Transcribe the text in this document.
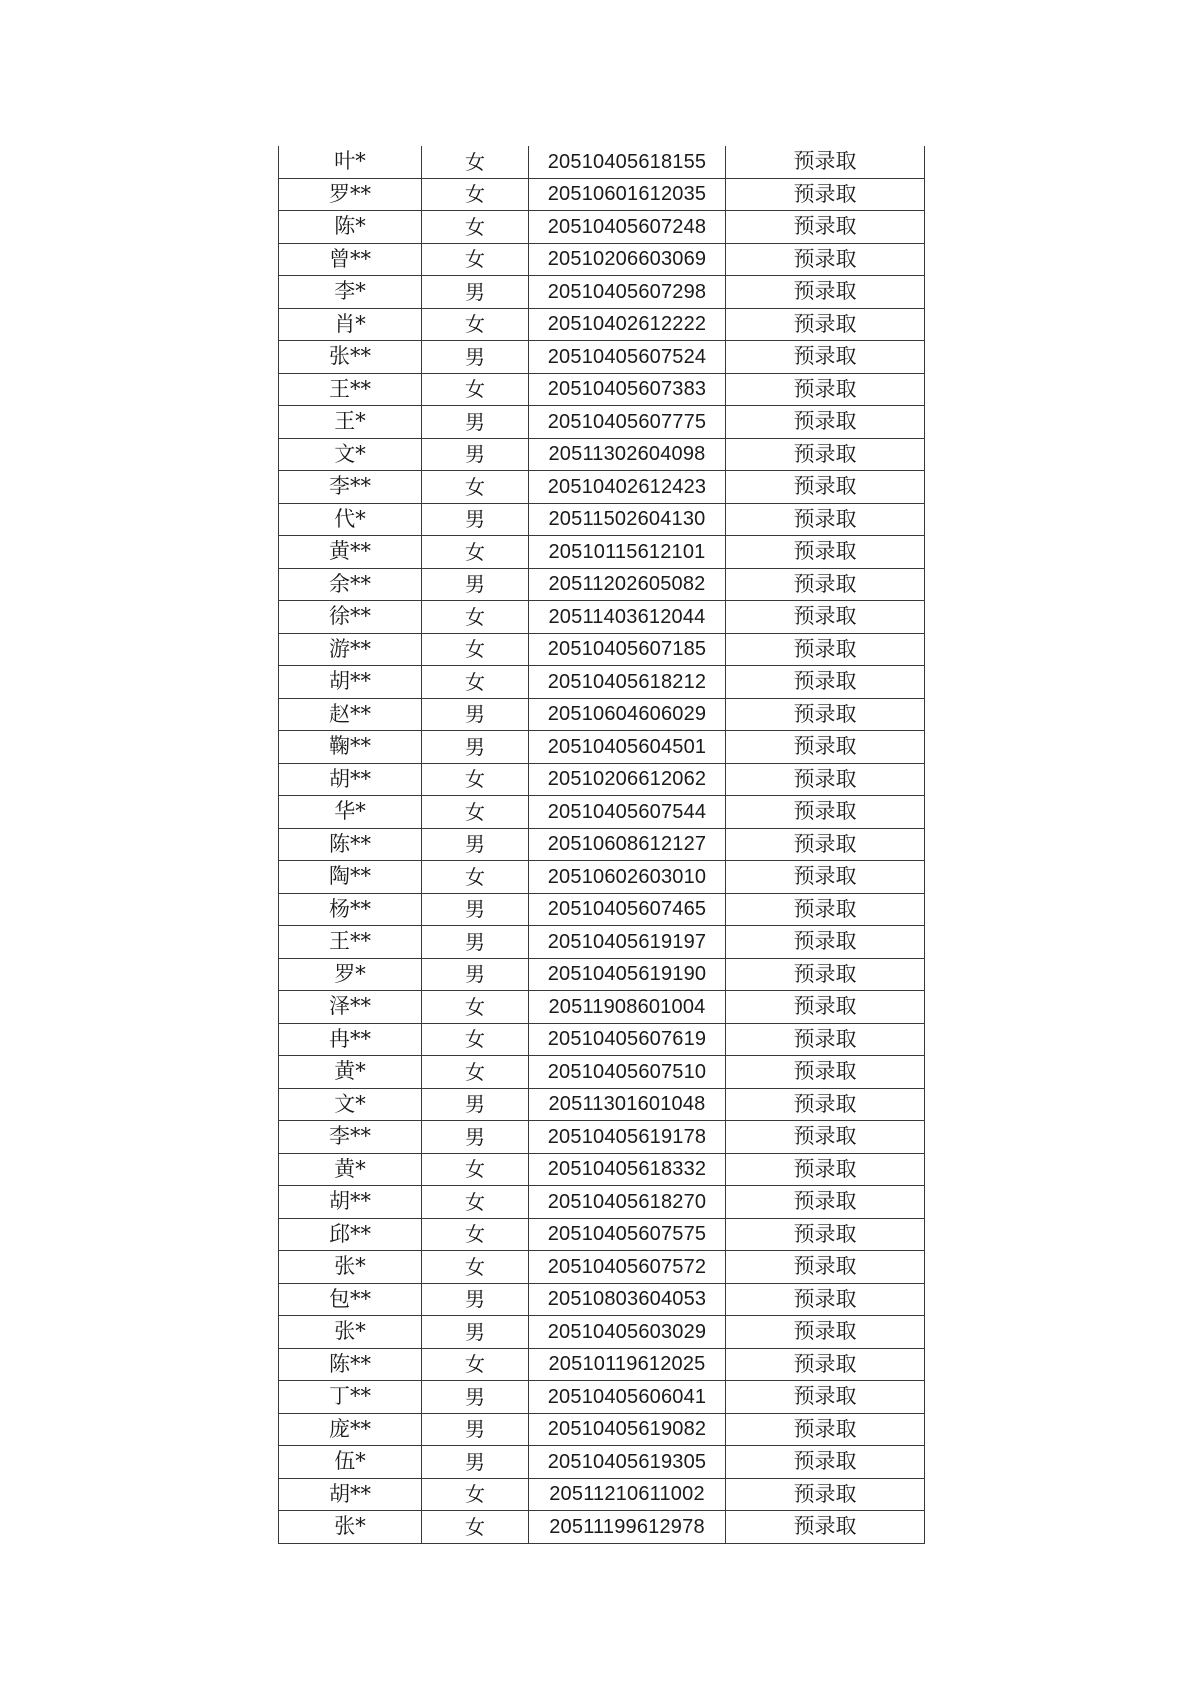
叶*	女	20510405618155	预录取
罗**	女	20510601612035	预录取
陈*	女	20510405607248	预录取
曾**	女	20510206603069	预录取
李*	男	20510405607298	预录取
肖*	女	20510402612222	预录取
张**	男	20510405607524	预录取
王**	女	20510405607383	预录取
王*	男	20510405607775	预录取
文*	男	20511302604098	预录取
李**	女	20510402612423	预录取
代*	男	20511502604130	预录取
黄**	女	20510115612101	预录取
余**	男	20511202605082	预录取
徐**	女	20511403612044	预录取
游**	女	20510405607185	预录取
胡**	女	20510405618212	预录取
赵**	男	20510604606029	预录取
鞠**	男	20510405604501	预录取
胡**	女	20510206612062	预录取
华*	女	20510405607544	预录取
陈**	男	20510608612127	预录取
陶**	女	20510602603010	预录取
杨**	男	20510405607465	预录取
王**	男	20510405619197	预录取
罗*	男	20510405619190	预录取
泽**	女	20511908601004	预录取
冉**	女	20510405607619	预录取
黄*	女	20510405607510	预录取
文*	男	20511301601048	预录取
李**	男	20510405619178	预录取
黄*	女	20510405618332	预录取
胡**	女	20510405618270	预录取
邱**	女	20510405607575	预录取
张*	女	20510405607572	预录取
包**	男	20510803604053	预录取
张*	男	20510405603029	预录取
陈**	女	20510119612025	预录取
丁**	男	20510405606041	预录取
庞**	男	20510405619082	预录取
伍*	男	20510405619305	预录取
胡**	女	20511210611002	预录取
张*	女	20511199612978	预录取
